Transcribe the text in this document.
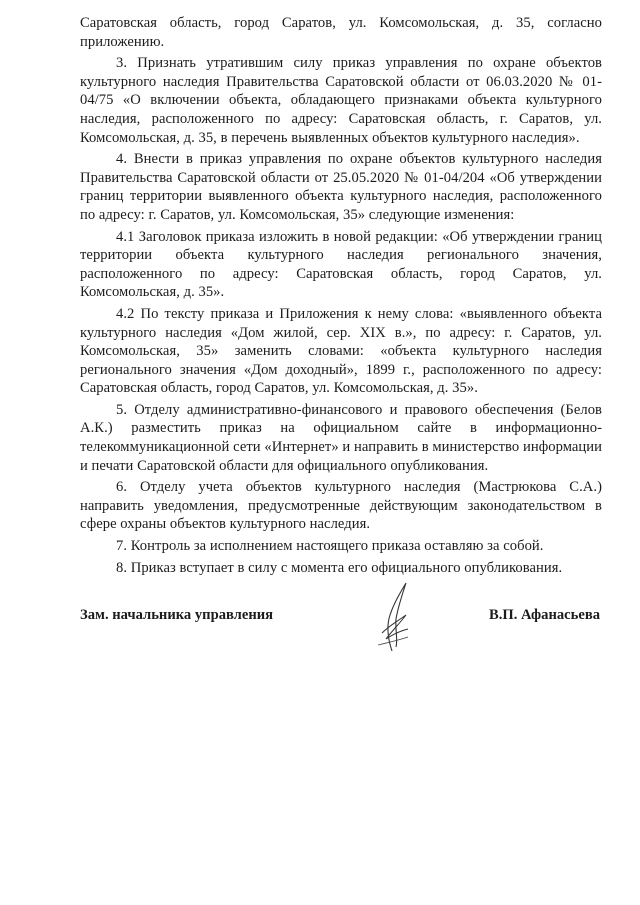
Саратовская область, город Саратов, ул. Комсомольская, д. 35, согласно приложению.

3. Признать утратившим силу приказ управления по охране объектов культурного наследия Правительства Саратовской области от 06.03.2020 № 01-04/75 «О включении объекта, обладающего признаками объекта культурного наследия, расположенного по адресу: Саратовская область, г. Саратов, ул. Комсомольская, д. 35, в перечень выявленных объектов культурного наследия».

4. Внести в приказ управления по охране объектов культурного наследия Правительства Саратовской области от 25.05.2020 № 01-04/204 «Об утверждении границ территории выявленного объекта культурного наследия, расположенного по адресу: г. Саратов, ул. Комсомольская, 35» следующие изменения:

4.1 Заголовок приказа изложить в новой редакции: «Об утверждении границ территории объекта культурного наследия регионального значения, расположенного по адресу: Саратовская область, город Саратов, ул. Комсомольская, д. 35».

4.2 По тексту приказа и Приложения к нему слова: «выявленного объекта культурного наследия «Дом жилой, сер. XIX в.», по адресу: г. Саратов, ул. Комсомольская, 35» заменить словами: «объекта культурного наследия регионального значения «Дом доходный», 1899 г., расположенного по адресу: Саратовская область, город Саратов, ул. Комсомольская, д. 35».

5. Отделу административно-финансового и правового обеспечения (Белов А.К.) разместить приказ на официальном сайте в информационно-телекоммуникационной сети «Интернет» и направить в министерство информации и печати Саратовской области для официального опубликования.

6. Отделу учета объектов культурного наследия (Мастрюкова С.А.) направить уведомления, предусмотренные действующим законодательством в сфере охраны объектов культурного наследия.

7. Контроль за исполнением настоящего приказа оставляю за собой.

8. Приказ вступает в силу с момента его официального опубликования.

Зам. начальника управления	В.П. Афанасьева
